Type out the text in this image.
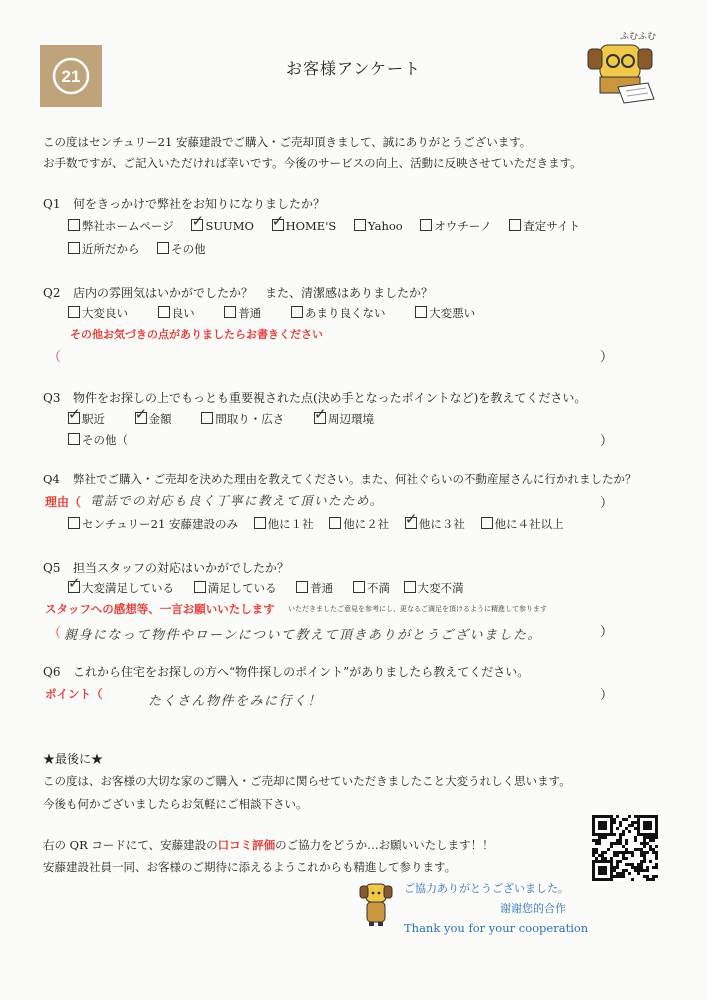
21	お客様アンケート
ふむふむ
この度はセンチュリー21 安藤建設でご購入・ご売却頂きまして、誠にありがとうございます。
お手数ですが、ご記入いただければ幸いです。今後のサービスの向上、活動に反映させていただきます。
Q1 何をきっかけで弊社をお知りになりましたか？
弊社ホームページ ✓	SUUMO ✓	HOME'S	Yahoo	オウチーノ	査定サイト
近所だから	その他
Q2 店内の雰囲気はいかがでしたか？　また、清潔感はありましたか？
大変良い	良い	普通	あまり良くない	大変悪い
その他お気づきの点がありましたらお書きください
（	）
Q3 物件をお探しの上でもっとも重要視された点(決め手となったポイントなど)を教えてください。
✓駅近 ✓	金額	間取り・広さ ✓	周辺環境
その他（	）
Q4 弊社でご購入・ご売却を決めた理由を教えてください。また、何社ぐらいの不動産屋さんに行かれましたか？
理由（ 電話での対応も良く丁寧に教えて頂いたため。	）
センチュリー21 安藤建設のみ	他に１社	他に２社 ✓	他に３社	他に４社以上
Q5 担当スタッフの対応はいかがでしたか？
✓大変満足している	満足している	普通	不満 大変不満
スタッフへの感想等、一言お願いいたします いただきましたご意見を参考にし、更なるご満足を頂けるように精進して参ります
（ 親身になって物件やローンについて教えて頂きありがとうございました。	）
Q6 これから住宅をお探しの方へ“物件探しのポイント”がありましたら教えてください。
ポイント（	たくさん物件をみに行く！	）
★最後に★
この度は、お客様の大切な家のご購入・ご売却に関らせていただきましたこと大変うれしく思います。
今後も何かございましたらお気軽にご相談下さい。
右の QR コードにて、安藤建設の口コミ評価のご協力をどうか…お願いいたします！！
安藤建設社員一同、お客様のご期待に添えるようこれからも精進して参ります。
ご協力ありがとうございました。
谢谢您的合作
Thank you for your cooperation
